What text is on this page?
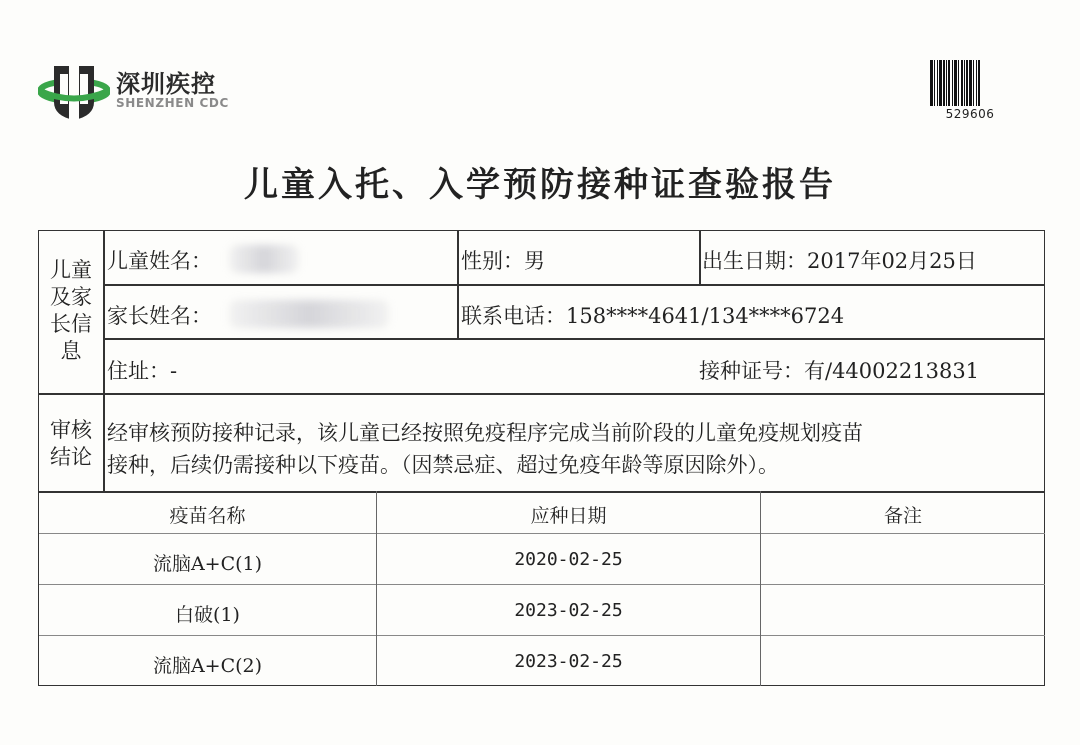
深圳疾控
SHENZHEN CDC
529606
儿童入托、入学预防接种证查验报告
儿童
及家
长信
息
儿童姓名：	性别：男	出生日期：2017年02月25日
家长姓名：	联系电话：158****4641/134****6724
住址：-	接种证号：有/44002213831
审核
结论
经审核预防接种记录，该儿童已经按照免疫程序完成当前阶段的儿童免疫规划疫苗
接种，后续仍需接种以下疫苗。（因禁忌症、超过免疫年龄等原因除外）。
疫苗名称	应种日期	备注
流脑A+C(1)	2020-02-25
白破(1)	2023-02-25
流脑A+C(2)	2023-02-25
